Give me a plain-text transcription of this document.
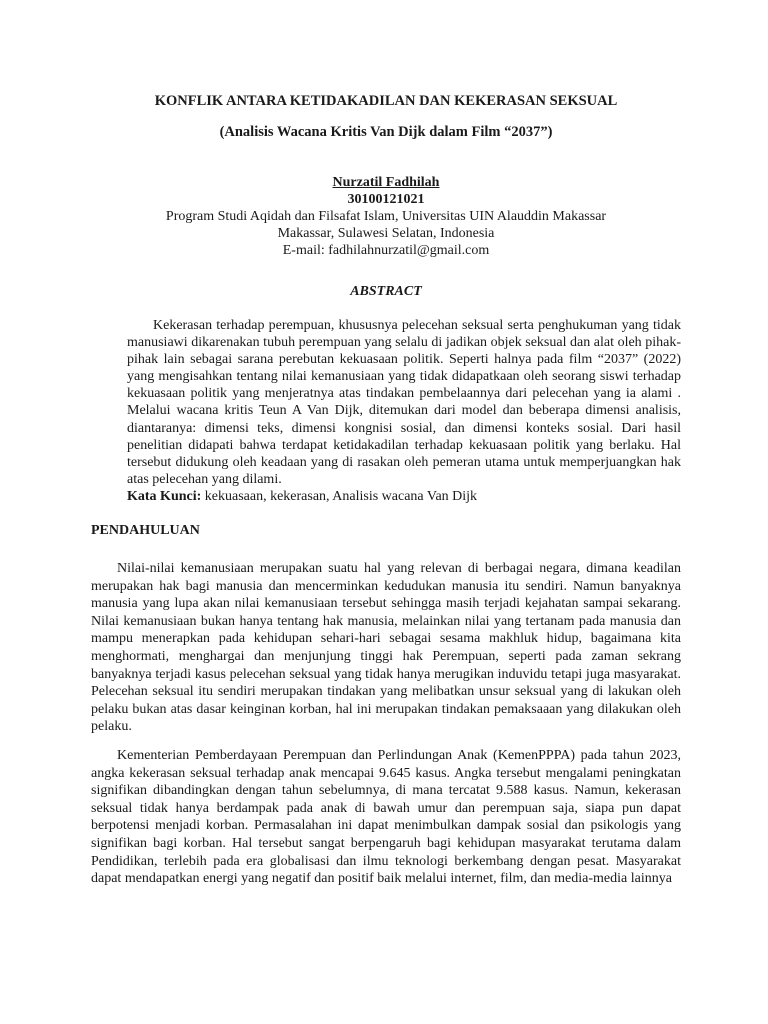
KONFLIK ANTARA KETIDAKADILAN DAN KEKERASAN SEKSUAL
(Analisis Wacana Kritis Van Dijk dalam Film “2037”)
Nurzatil Fadhilah
30100121021
Program Studi Aqidah dan Filsafat Islam, Universitas UIN Alauddin Makassar
Makassar, Sulawesi Selatan, Indonesia
E-mail: fadhilahnurzatil@gmail.com
ABSTRACT

Kekerasan terhadap perempuan, khususnya pelecehan seksual serta penghukuman yang tidak manusiawi dikarenakan tubuh perempuan yang selalu di jadikan objek seksual dan alat oleh pihak-pihak lain sebagai sarana perebutan kekuasaan politik. Seperti halnya pada film “2037” (2022) yang mengisahkan tentang nilai kemanusiaan yang tidak didapatkaan oleh seorang siswi terhadap kekuasaan politik yang menjeratnya atas tindakan pembelaannya dari pelecehan yang ia alami . Melalui wacana kritis Teun A Van Dijk, ditemukan dari model dan beberapa dimensi analisis, diantaranya: dimensi teks, dimensi kongnisi sosial, dan dimensi konteks sosial. Dari hasil penelitian didapati bahwa terdapat ketidakadilan terhadap kekuasaan politik yang berlaku. Hal tersebut didukung oleh keadaan yang di rasakan oleh pemeran utama untuk memperjuangkan hak atas pelecehan yang dilami.

Kata Kunci: kekuasaan, kekerasan, Analisis wacana Van Dijk

PENDAHULUAN

Nilai-nilai kemanusiaan merupakan suatu hal yang relevan di berbagai negara, dimana keadilan merupakan hak bagi manusia dan mencerminkan kedudukan manusia itu sendiri. Namun banyaknya manusia yang lupa akan nilai kemanusiaan tersebut sehingga masih terjadi kejahatan sampai sekarang. Nilai kemanusiaan bukan hanya tentang hak manusia, melainkan nilai yang tertanam pada manusia dan mampu menerapkan pada kehidupan sehari-hari sebagai sesama makhluk hidup, bagaimana kita menghormati, menghargai dan menjunjung tinggi hak Perempuan, seperti pada zaman sekrang banyaknya terjadi kasus pelecehan seksual yang tidak hanya merugikan induvidu tetapi juga masyarakat. Pelecehan seksual itu sendiri merupakan tindakan yang melibatkan unsur seksual yang di lakukan oleh pelaku bukan atas dasar keinginan korban, hal ini merupakan tindakan pemaksaaan yang dilakukan oleh pelaku.

Kementerian Pemberdayaan Perempuan dan Perlindungan Anak (KemenPPPA) pada tahun 2023, angka kekerasan seksual terhadap anak mencapai 9.645 kasus. Angka tersebut mengalami peningkatan signifikan dibandingkan dengan tahun sebelumnya, di mana tercatat 9.588 kasus. Namun, kekerasan seksual tidak hanya berdampak pada anak di bawah umur dan perempuan saja, siapa pun dapat berpotensi menjadi korban. Permasalahan ini dapat menimbulkan dampak sosial dan psikologis yang signifikan bagi korban. Hal tersebut sangat berpengaruh bagi kehidupan masyarakat terutama dalam Pendidikan, terlebih pada era globalisasi dan ilmu teknologi berkembang dengan pesat. Masyarakat dapat mendapatkan energi yang negatif dan positif baik melalui internet, film, dan media-media lainnya
